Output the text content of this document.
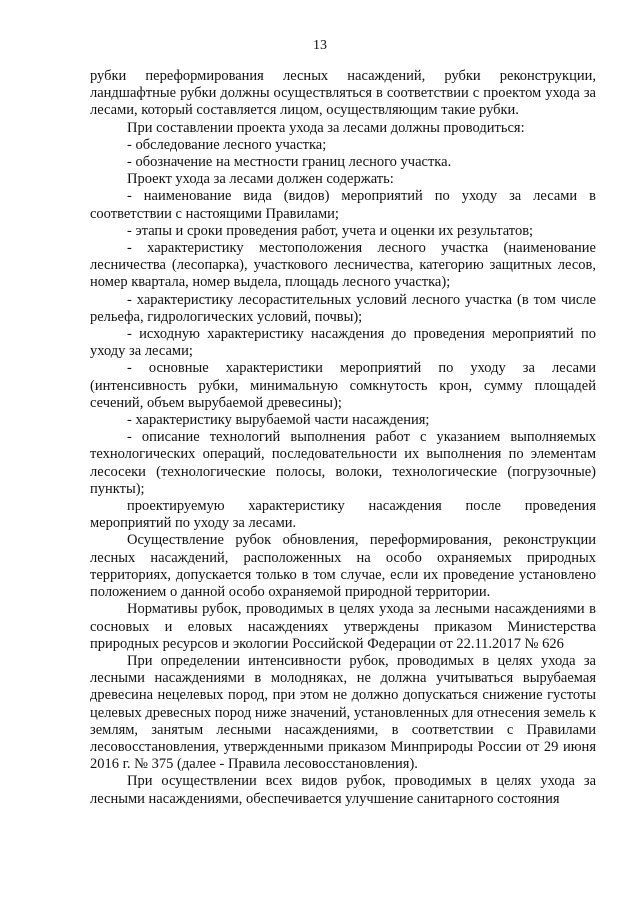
13

рубки переформирования лесных насаждений, рубки реконструкции, ландшафтные рубки должны осуществляться в соответствии с проектом ухода за лесами, который составляется лицом, осуществляющим такие рубки.

При составлении проекта ухода за лесами должны проводиться:

- обследование лесного участка;

- обозначение на местности границ лесного участка.

Проект ухода за лесами должен содержать:

- наименование вида (видов) мероприятий по уходу за лесами в соответствии с настоящими Правилами;

- этапы и сроки проведения работ, учета и оценки их результатов;

- характеристику местоположения лесного участка (наименование лесничества (лесопарка), участкового лесничества, категорию защитных лесов, номер квартала, номер выдела, площадь лесного участка);

- характеристику лесорастительных условий лесного участка (в том числе рельефа, гидрологических условий, почвы);

- исходную характеристику насаждения до проведения мероприятий по уходу за лесами;

- основные характеристики мероприятий по уходу за лесами (интенсивность рубки, минимальную сомкнутость крон, сумму площадей сечений, объем вырубаемой древесины);

- характеристику вырубаемой части насаждения;

- описание технологий выполнения работ с указанием выполняемых технологических операций, последовательности их выполнения по элементам лесосеки (технологические полосы, волоки, технологические (погрузочные) пункты);

проектируемую характеристику насаждения после проведения мероприятий по уходу за лесами.

Осуществление рубок обновления, переформирования, реконструкции лесных насаждений, расположенных на особо охраняемых природных территориях, допускается только в том случае, если их проведение установлено положением о данной особо охраняемой природной территории.

Нормативы рубок, проводимых в целях ухода за лесными насаждениями в сосновых и еловых насаждениях утверждены приказом Министерства природных ресурсов и экологии Российской Федерации от 22.11.2017 № 626

При определении интенсивности рубок, проводимых в целях ухода за лесными насаждениями в молодняках, не должна учитываться вырубаемая древесина нецелевых пород, при этом не должно допускаться снижение густоты целевых древесных пород ниже значений, установленных для отнесения земель к землям, занятым лесными насаждениями, в соответствии с Правилами лесовосстановления, утвержденными приказом Минприроды России от 29 июня 2016 г. № 375 (далее - Правила лесовосстановления).

При осуществлении всех видов рубок, проводимых в целях ухода за лесными насаждениями, обеспечивается улучшение санитарного состояния
